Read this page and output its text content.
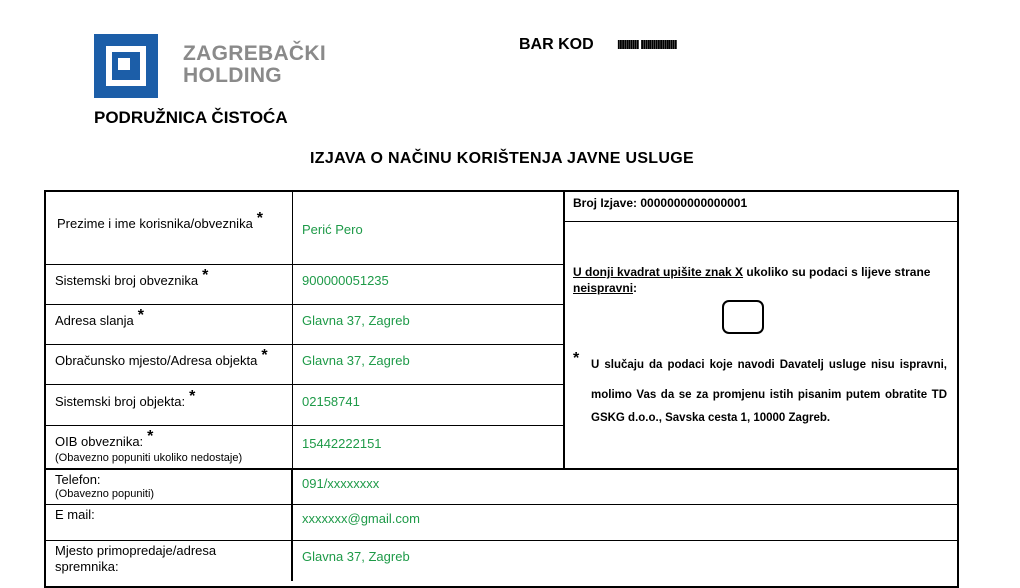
ZAGREBAČKI
HOLDING
PODRUŽNICA ČISTOĆA
BAR KOD IIIIIIIIII IIIIIIIIIIIIIIIII
IZJAVA O NAČINU KORIŠTENJA JAVNE USLUGE
Prezime i ime korisnika/obveznika *
Sistemski broj obveznika *
Adresa slanja *
Obračunsko mjesto/Adresa objekta *
Sistemski broj objekta: *
OIB obveznika: *
(Obavezno popuniti ukoliko nedostaje)
Perić Pero
900000051235
Glavna 37, Zagreb
Glavna 37, Zagreb
02158741
15442222151
Broj Izjave: 0000000000000001
U donji kvadrat upišite znak X ukoliko su podaci s lijeve strane neispravni:
* U slučaju da podaci koje navodi Davatelj usluge nisu ispravni,
molimo Vas da se za promjenu istih pisanim putem obratite TD
GSKG d.o.o., Savska cesta 1, 10000 Zagreb.
Telefon:
(Obavezno popuniti)
E mail:
Mjesto primopredaje/adresa
spremnika:
091/xxxxxxxx
xxxxxxx@gmail.com
Glavna 37, Zagreb
